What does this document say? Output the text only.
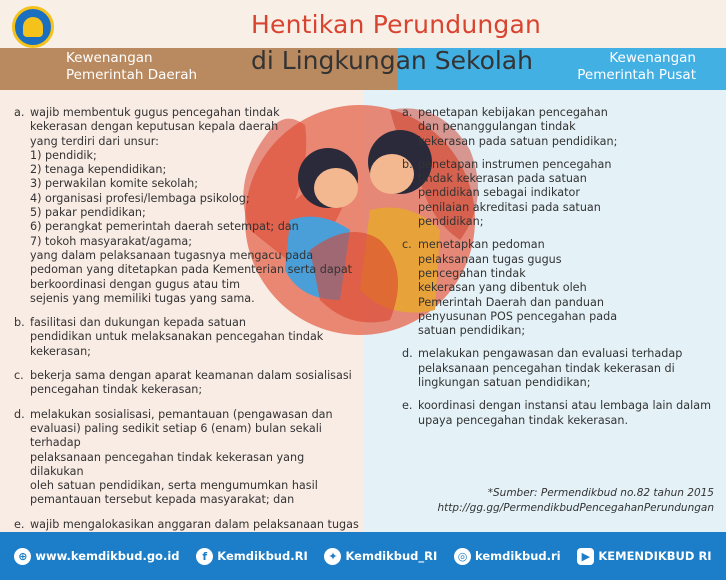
Hentikan Perundungan
di Lingkungan Sekolah
Kewenangan
Pemerintah Daerah
Kewenangan
Pemerintah Pusat
a. wajib membentuk gugus pencegahan tindak
kekerasan dengan keputusan kepala daerah
yang terdiri dari unsur:
1) pendidik;
2) tenaga kependidikan;
3) perwakilan komite sekolah;
4) organisasi profesi/lembaga psikolog;
5) pakar pendidikan;
6) perangkat pemerintah daerah setempat; dan
7) tokoh masyarakat/agama;
yang dalam pelaksanaan tugasnya mengacu pada
pedoman yang ditetapkan pada Kementerian serta dapat
berkoordinasi dengan gugus atau tim
sejenis yang memiliki tugas yang sama.
b. fasilitasi dan dukungan kepada satuan
pendidikan untuk melaksanakan pencegahan tindak
kekerasan;
c. bekerja sama dengan aparat keamanan dalam sosialisasi
pencegahan tindak kekerasan;
d. melakukan sosialisasi, pemantauan (pengawasan dan
evaluasi) paling sedikit setiap 6 (enam) bulan sekali terhadap
pelaksanaan pencegahan tindak kekerasan yang dilakukan
oleh satuan pendidikan, serta mengumumkan hasil
pemantauan tersebut kepada masyarakat; dan
e. wajib mengalokasikan anggaran dalam pelaksanaan tugas
a. penetapan kebijakan pencegahan
dan penanggulangan tindak
kekerasan pada satuan pendidikan;
b. penetapan instrumen pencegahan
tindak kekerasan pada satuan
pendidikan sebagai indikator
penilaian akreditasi pada satuan
pendidikan;
c. menetapkan pedoman
pelaksanaan tugas gugus
pencegahan tindak
kekerasan yang dibentuk oleh
Pemerintah Daerah dan panduan
penyusunan POS pencegahan pada
satuan pendidikan;
d. melakukan pengawasan dan evaluasi terhadap
pelaksanaan pencegahan tindak kekerasan di
lingkungan satuan pendidikan;
e. koordinasi dengan instansi atau lembaga lain dalam
upaya pencegahan tindak kekerasan.
*Sumber: Permendikbud no.82 tahun 2015
http://gg.gg/PermendikbudPencegahanPerundungan
⊕ www.kemdikbud.go.id	f Kemdikbud.RI	✦ Kemdikbud_RI	◎ kemdikbud.ri	▶ KEMENDIKBUD RI
